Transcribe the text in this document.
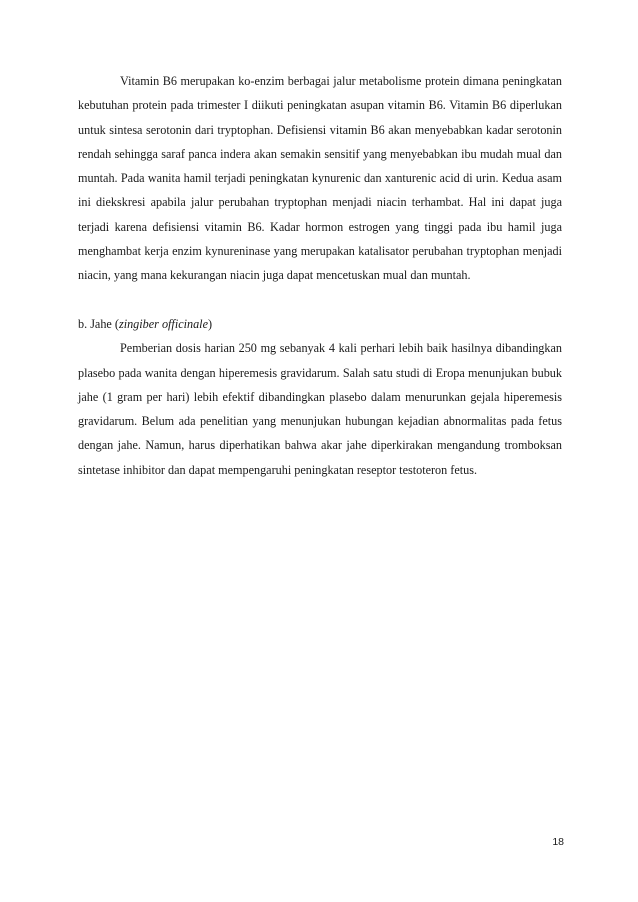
Vitamin B6 merupakan ko-enzim berbagai jalur metabolisme protein dimana peningkatan kebutuhan protein pada trimester I diikuti peningkatan asupan vitamin B6. Vitamin B6 diperlukan untuk sintesa serotonin dari tryptophan. Defisiensi vitamin B6 akan menyebabkan kadar serotonin rendah sehingga saraf panca indera akan semakin sensitif yang menyebabkan ibu mudah mual dan muntah. Pada wanita hamil terjadi peningkatan kynurenic dan xanturenic acid di urin. Kedua asam ini diekskresi apabila jalur perubahan tryptophan menjadi niacin terhambat. Hal ini dapat juga terjadi karena defisiensi vitamin B6. Kadar hormon estrogen yang tinggi pada ibu hamil juga menghambat kerja enzim kynureninase yang merupakan katalisator perubahan tryptophan menjadi niacin, yang mana kekurangan niacin juga dapat mencetuskan mual dan muntah.

b. Jahe (zingiber officinale)

Pemberian dosis harian 250 mg sebanyak 4 kali perhari lebih baik hasilnya dibandingkan plasebo pada wanita dengan hiperemesis gravidarum. Salah satu studi di Eropa menunjukan bubuk jahe (1 gram per hari) lebih efektif dibandingkan plasebo dalam menurunkan gejala hiperemesis gravidarum. Belum ada penelitian yang menunjukan hubungan kejadian abnormalitas pada fetus dengan jahe. Namun, harus diperhatikan bahwa akar jahe diperkirakan mengandung tromboksan sintetase inhibitor dan dapat mempengaruhi peningkatan reseptor testoteron fetus.

18
